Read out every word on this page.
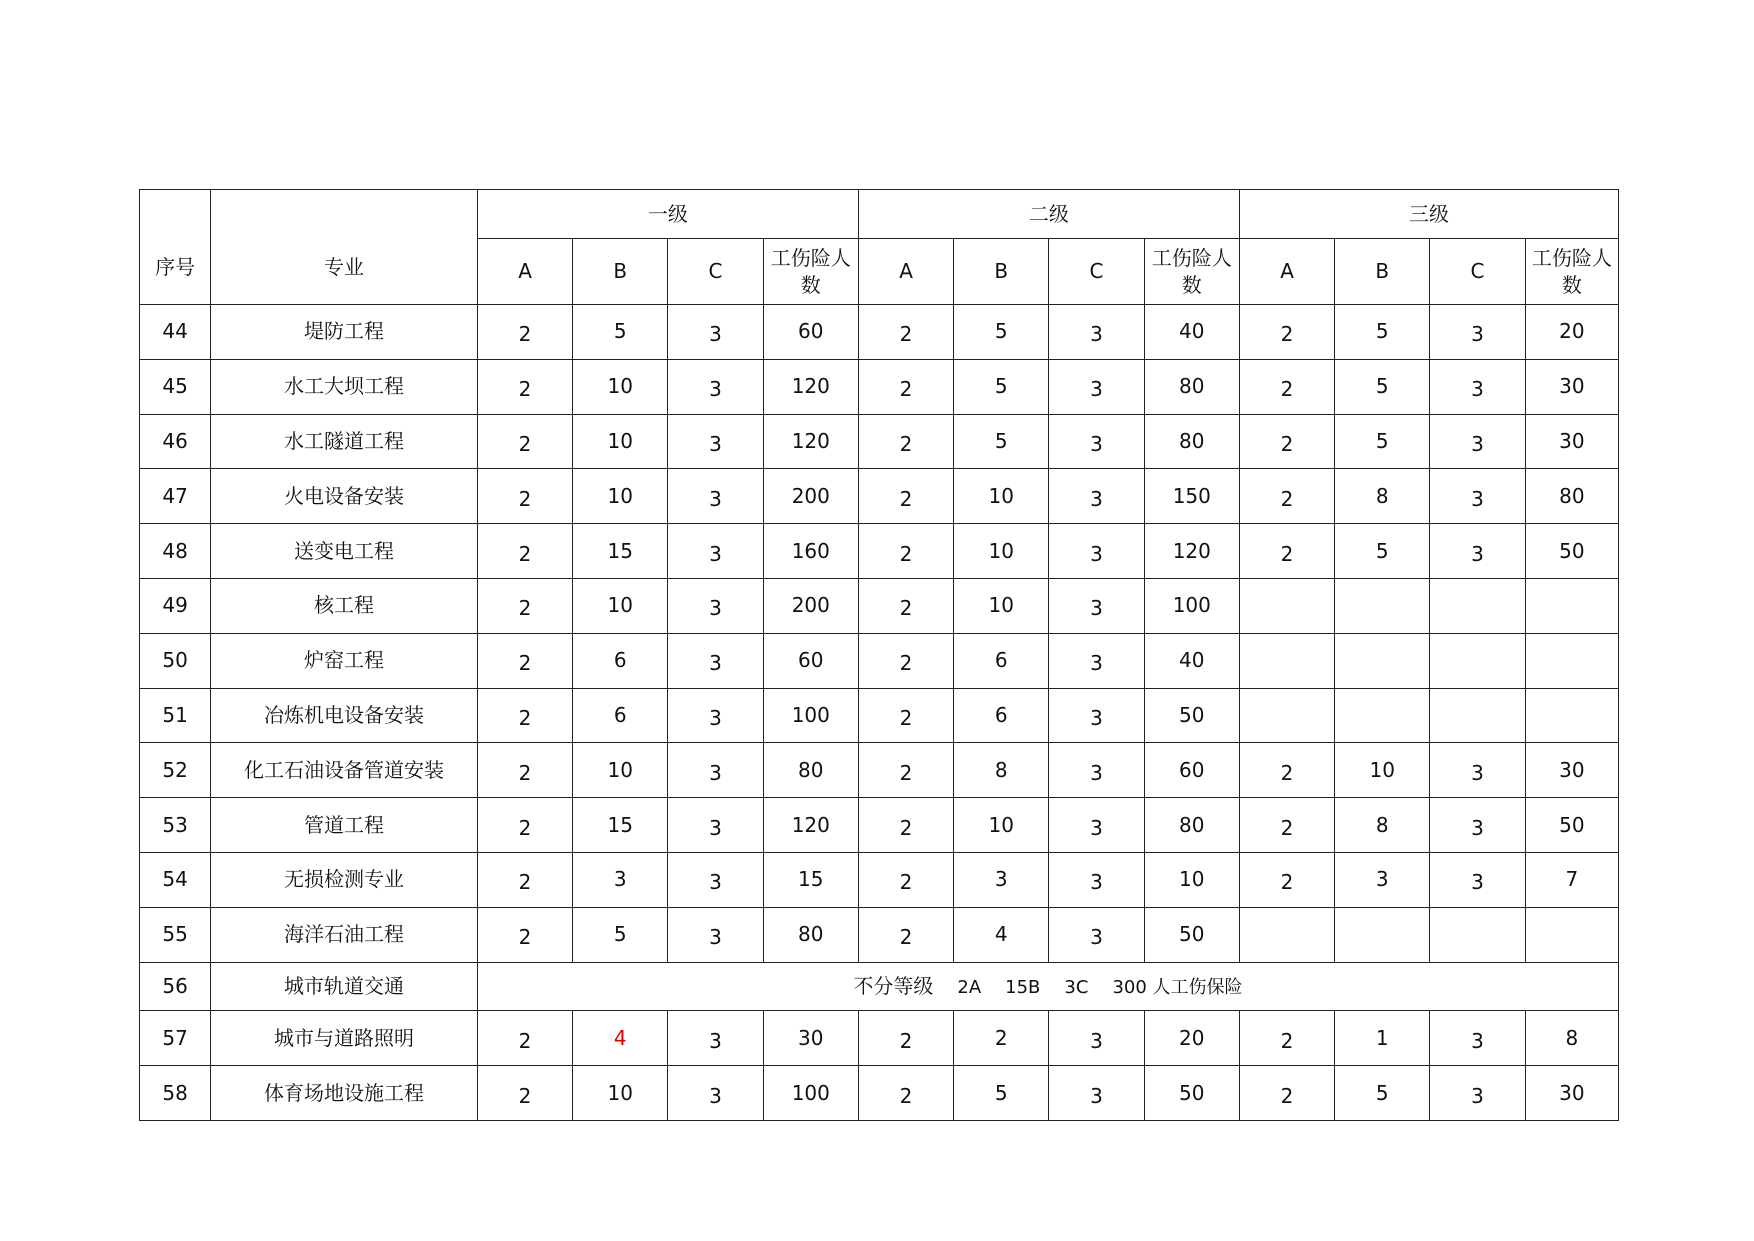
序号	专业	一级				二级				三级			
		A	B	C	工伤险人数	A	B	C	工伤险人数	A	B	C	工伤险人数
44	堤防工程	2	5	3	60	2	5	3	40	2	5	3	20
45	水工大坝工程	2	10	3	120	2	5	3	80	2	5	3	30
46	水工隧道工程	2	10	3	120	2	5	3	80	2	5	3	30
47	火电设备安装	2	10	3	200	2	10	3	150	2	8	3	80
48	送变电工程	2	15	3	160	2	10	3	120	2	5	3	50
49	核工程	2	10	3	200	2	10	3	100				
50	炉窑工程	2	6	3	60	2	6	3	40				
51	冶炼机电设备安装	2	6	3	100	2	6	3	50				
52	化工石油设备管道安装	2	10	3	80	2	8	3	60	2	10	3	30
53	管道工程	2	15	3	120	2	10	3	80	2	8	3	50
54	无损检测专业	2	3	3	15	2	3	3	10	2	3	3	7
55	海洋石油工程	2	5	3	80	2	4	3	50				
56	城市轨道交通	不分等级 2A 15B 3C 300 人工伤保险											
57	城市与道路照明	2	4	3	30	2	2	3	20	2	1	3	8
58	体育场地设施工程	2	10	3	100	2	5	3	50	2	5	3	30
